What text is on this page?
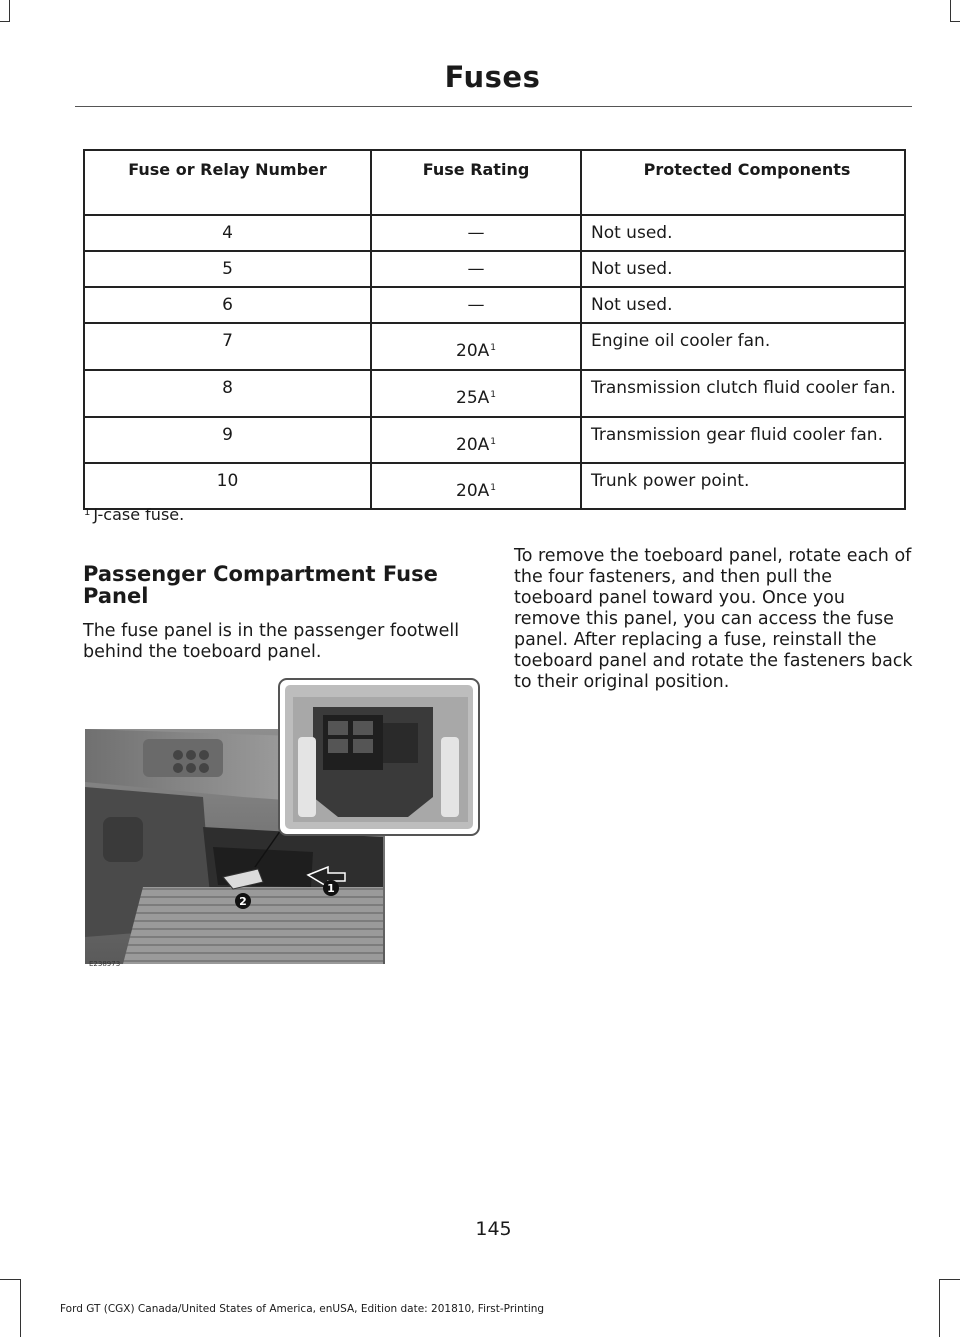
Fuses
Fuse or Relay Number	Fuse Rating	Protected Components
4	—	Not used.
5	—	Not used.
6	—	Not used.
7	$20A^1$	Engine oil cooler fan.
8	$25A^1$	Transmission clutch fluid cooler fan.
9	$20A^1$	Transmission gear fluid cooler fan.
10	$20A^1$	Trunk power point.
$^1$ J-case fuse.
Passenger Compartment Fuse Panel
The fuse panel is in the passenger footwell behind the toeboard panel.
To remove the toeboard panel, rotate each of the four fasteners, and then pull the toeboard panel toward you. Once you remove this panel, you can access the fuse panel. After replacing a fuse, reinstall the toeboard panel and rotate the fasteners back to their original position.
1
2
E238973
145
Ford GT (CGX) Canada/United States of America, enUSA, Edition date: 201810, First-Printing
